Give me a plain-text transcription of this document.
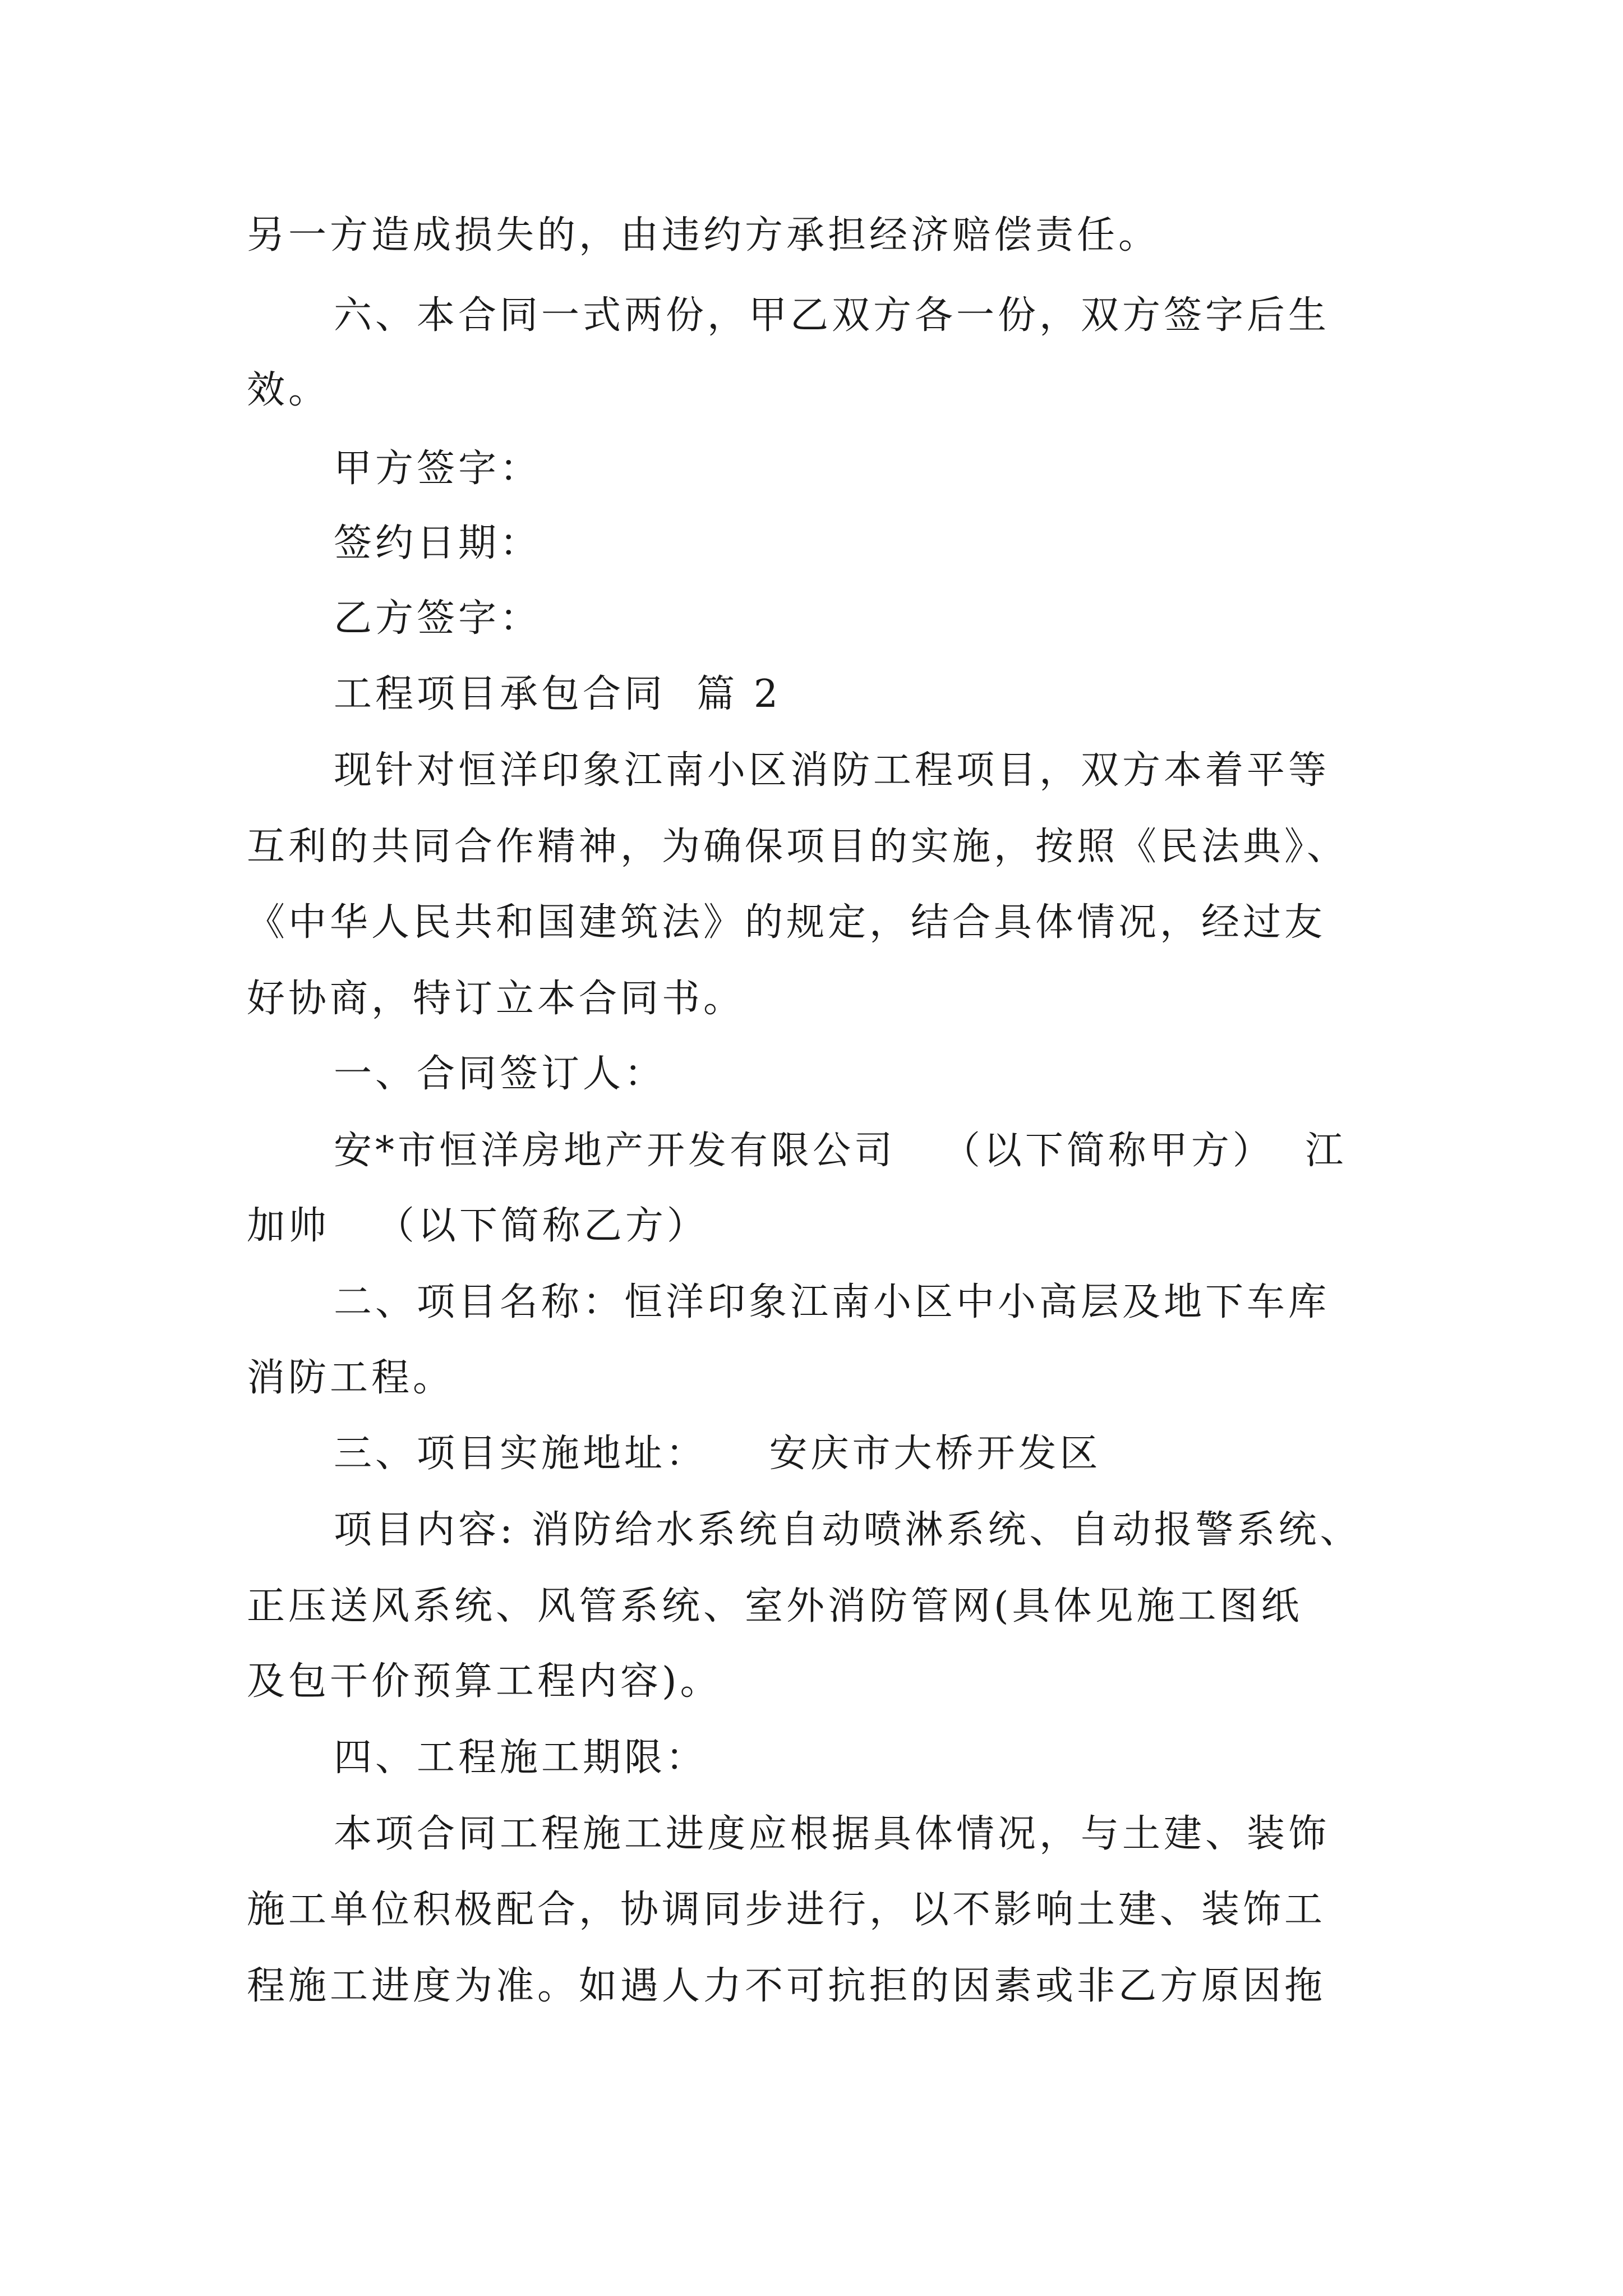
另一方造成损失的，由违约方承担经济赔偿责任。
六、本合同一式两份，甲乙双方各一份，双方签字后生
效。
甲方签字：
签约日期：
乙方签字：
工程项目承包合同  篇 2
现针对恒洋印象江南小区消防工程项目，双方本着平等
互利的共同合作精神，为确保项目的实施，按照《民法典》、
《中华人民共和国建筑法》的规定，结合具体情况，经过友
好协商，特订立本合同书。
一、合同签订人：
安*市恒洋房地产开发有限公司   （以下简称甲方）  江
加帅   （以下简称乙方）
二、项目名称：恒洋印象江南小区中小高层及地下车库
消防工程。
三、项目实施地址：    安庆市大桥开发区
项目内容: 消防给水系统自动喷淋系统、自动报警系统、
正压送风系统、风管系统、室外消防管网(具体见施工图纸
及包干价预算工程内容)。
四、工程施工期限：
本项合同工程施工进度应根据具体情况，与土建、装饰
施工单位积极配合，协调同步进行，以不影响土建、装饰工
程施工进度为准。如遇人力不可抗拒的因素或非乙方原因拖
